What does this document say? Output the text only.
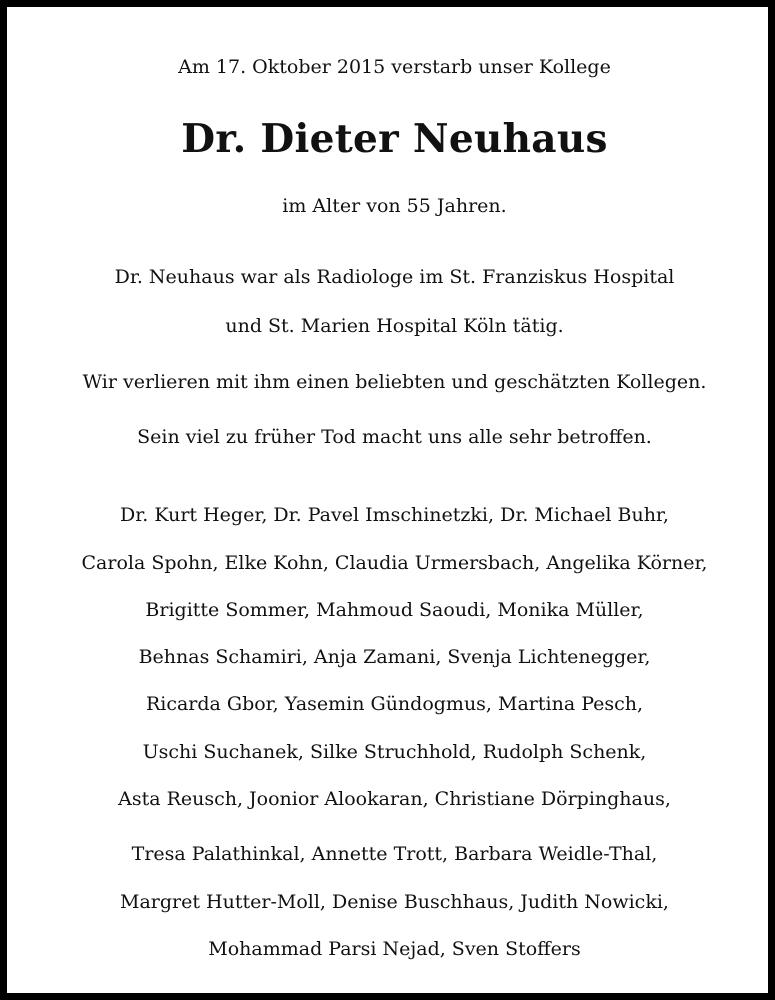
Am 17. Oktober 2015 verstarb unser Kollege
Dr. Dieter Neuhaus
im Alter von 55 Jahren.
Dr. Neuhaus war als Radiologe im St. Franziskus Hospital
und St. Marien Hospital Köln tätig.
Wir verlieren mit ihm einen beliebten und geschätzten Kollegen.
Sein viel zu früher Tod macht uns alle sehr betroffen.
Dr. Kurt Heger, Dr. Pavel Imschinetzki, Dr. Michael Buhr,
Carola Spohn, Elke Kohn, Claudia Urmersbach, Angelika Körner,
Brigitte Sommer, Mahmoud Saoudi, Monika Müller,
Behnas Schamiri, Anja Zamani, Svenja Lichtenegger,
Ricarda Gbor, Yasemin Gündogmus, Martina Pesch,
Uschi Suchanek, Silke Struchhold, Rudolph Schenk,
Asta Reusch, Joonior Alookaran, Christiane Dörpinghaus,
Tresa Palathinkal, Annette Trott, Barbara Weidle-Thal,
Margret Hutter-Moll, Denise Buschhaus, Judith Nowicki,
Mohammad Parsi Nejad, Sven Stoffers
